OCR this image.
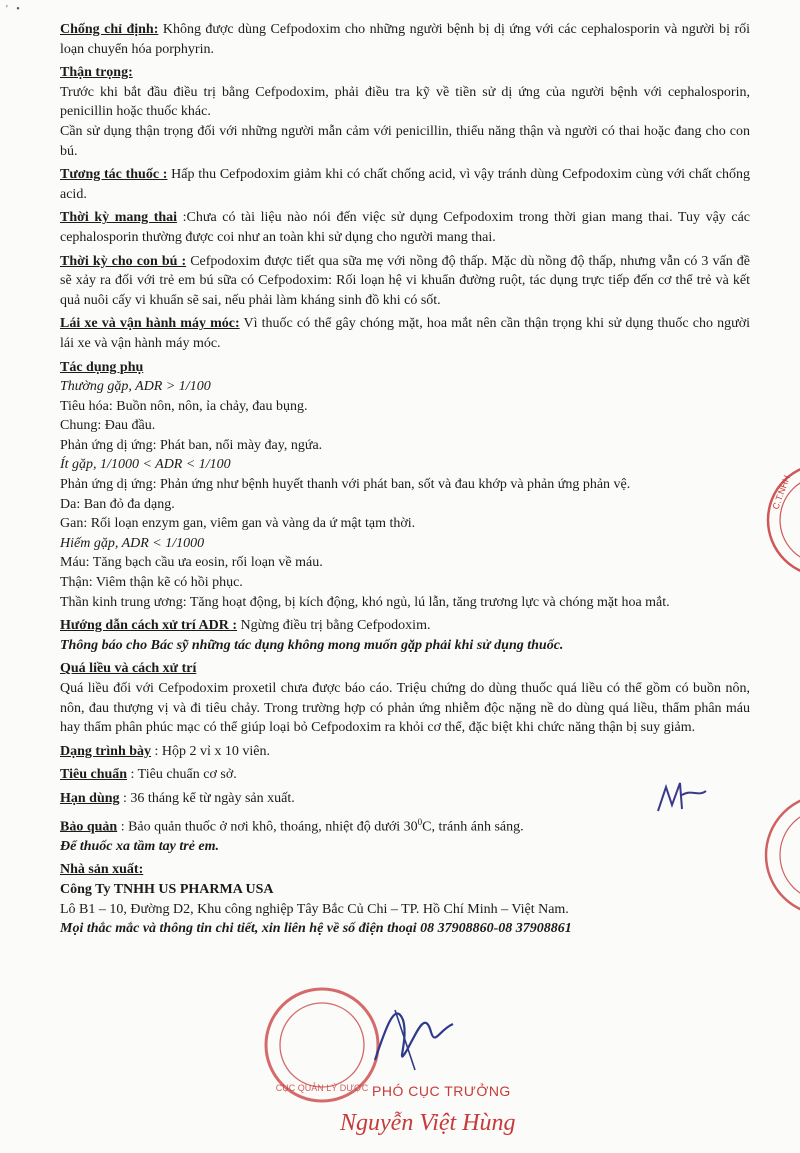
' •

Chống chỉ định: Không được dùng Cefpodoxim cho những người bệnh bị dị ứng với các cephalosporin và người bị rối loạn chuyển hóa porphyrin.

Thận trọng:

Trước khi bắt đầu điều trị bằng Cefpodoxim, phải điều tra kỹ về tiền sử dị ứng của người bệnh với cephalosporin, penicillin hoặc thuốc khác.

Cần sử dụng thận trọng đối với những người mẫn cảm với penicillin, thiểu năng thận và người có thai hoặc đang cho con bú.

Tương tác thuốc : Hấp thu Cefpodoxim giảm khi có chất chống acid, vì vậy tránh dùng Cefpodoxim cùng với chất chống acid.

Thời kỳ mang thai :Chưa có tài liệu nào nói đến việc sử dụng Cefpodoxim trong thời gian mang thai. Tuy vậy các cephalosporin thường được coi như an toàn khi sử dụng cho người mang thai.

Thời kỳ cho con bú : Cefpodoxim được tiết qua sữa mẹ với nồng độ thấp. Mặc dù nồng độ thấp, nhưng vẫn có 3 vấn đề sẽ xảy ra đối với trẻ em bú sữa có Cefpodoxim: Rối loạn hệ vi khuẩn đường ruột, tác dụng trực tiếp đến cơ thể trẻ và kết quả nuôi cấy vi khuẩn sẽ sai, nếu phải làm kháng sinh đồ khi có sốt.

Lái xe và vận hành máy móc: Vì thuốc có thể gây chóng mặt, hoa mắt nên cần thận trọng khi sử dụng thuốc cho người lái xe và vận hành máy móc.

Tác dụng phụ

Thường gặp, ADR > 1/100

Tiêu hóa: Buồn nôn, nôn, ỉa chảy, đau bụng.

Chung: Đau đầu.

Phản ứng dị ứng: Phát ban, nổi mày đay, ngứa.

Ít gặp, 1/1000 < ADR < 1/100

Phản ứng dị ứng: Phản ứng như bệnh huyết thanh với phát ban, sốt và đau khớp và phản ứng phản vệ.

Da: Ban đỏ đa dạng.

Gan: Rối loạn enzym gan, viêm gan và vàng da ứ mật tạm thời.

Hiếm gặp, ADR < 1/1000

Máu: Tăng bạch cầu ưa eosin, rối loạn về máu.

Thận: Viêm thận kẽ có hồi phục.

Thần kinh trung ương: Tăng hoạt động, bị kích động, khó ngủ, lú lẫn, tăng trương lực và chóng mặt hoa mắt.

Hướng dẫn cách xử trí ADR : Ngừng điều trị bằng Cefpodoxim.

Thông báo cho Bác sỹ những tác dụng không mong muốn gặp phải khi sử dụng thuốc.

Quá liều và cách xử trí

Quá liều đối với Cefpodoxim proxetil chưa được báo cáo. Triệu chứng do dùng thuốc quá liều có thể gồm có buồn nôn, nôn, đau thượng vị và đi tiêu chảy. Trong trường hợp có phản ứng nhiễm độc nặng nề do dùng quá liều, thẩm phân máu hay thẩm phân phúc mạc có thể giúp loại bỏ Cefpodoxim ra khỏi cơ thể, đặc biệt khi chức năng thận bị suy giảm.

Dạng trình bày : Hộp 2 vỉ x 10 viên.

Tiêu chuẩn : Tiêu chuẩn cơ sở.

Hạn dùng : 36 tháng kể từ ngày sản xuất.

Bảo quản : Bảo quản thuốc ở nơi khô, thoáng, nhiệt độ dưới $30^0C$, tránh ánh sáng.

Để thuốc xa tầm tay trẻ em.

Nhà sản xuất:

Công Ty TNHH US PHARMA USA

Lô B1 – 10, Đường D2, Khu công nghiệp Tây Bắc Củ Chi – TP. Hồ Chí Minh – Việt Nam.

Mọi thắc mắc và thông tin chi tiết, xin liên hệ về số điện thoại 08 37908860-08 37908861

C.T.NHH
CỤC QUẢN LÝ DƯỢC PHÓ CỤC TRƯỞNG
Nguyễn Việt Hùng
